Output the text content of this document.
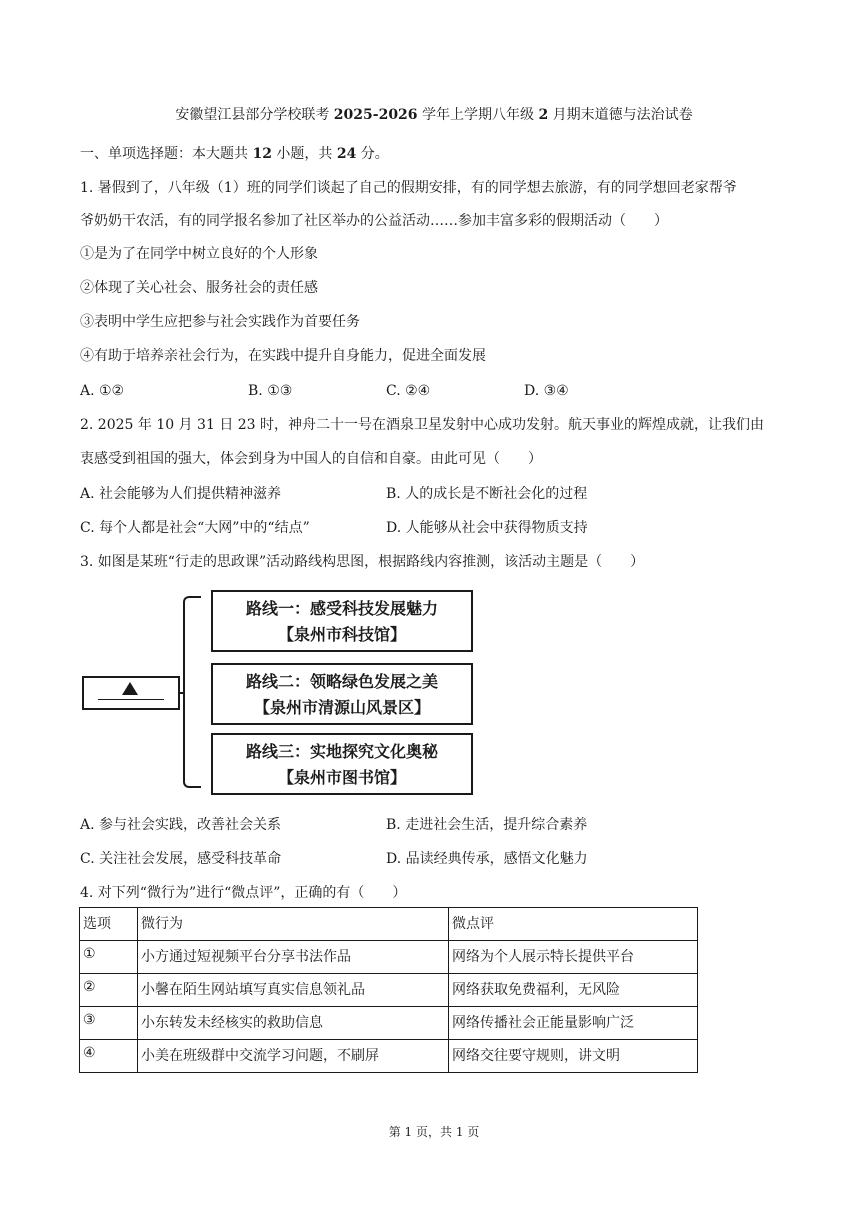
安徽望江县部分学校联考 2025-2026 学年上学期八年级 2 月期末道德与法治试卷
一、单项选择题：本大题共 12 小题，共 24 分。
1. 暑假到了，八年级（1）班的同学们谈起了自己的假期安排，有的同学想去旅游，有的同学想回老家帮爷
爷奶奶干农活，有的同学报名参加了社区举办的公益活动……参加丰富多彩的假期活动（　　）
①是为了在同学中树立良好的个人形象
②体现了关心社会、服务社会的责任感
③表明中学生应把参与社会实践作为首要任务
④有助于培养亲社会行为，在实践中提升自身能力，促进全面发展
A. ①②	B. ①③	C. ②④	D. ③④
2. 2025 年 10 月 31 日 23 时，神舟二十一号在酒泉卫星发射中心成功发射。航天事业的辉煌成就，让我们由
衷感受到祖国的强大，体会到身为中国人的自信和自豪。由此可见（　　）
A. 社会能够为人们提供精神滋养	B. 人的成长是不断社会化的过程
C. 每个人都是社会“大网”中的“结点”	D. 人能够从社会中获得物质支持
3. 如图是某班“行走的思政课”活动路线构思图，根据路线内容推测，该活动主题是（　　）
路线一：感受科技发展魅力
【泉州市科技馆】
路线二：领略绿色发展之美
【泉州市清源山风景区】
路线三：实地探究文化奥秘
【泉州市图书馆】
A. 参与社会实践，改善社会关系	B. 走进社会生活，提升综合素养
C. 关注社会发展，感受科技革命	D. 品读经典传承，感悟文化魅力
4. 对下列“微行为”进行“微点评”，正确的有（　　）
选项	微行为	微点评
①	小方通过短视频平台分享书法作品	网络为个人展示特长提供平台
②	小馨在陌生网站填写真实信息领礼品	网络获取免费福利，无风险
③	小东转发未经核实的救助信息	网络传播社会正能量影响广泛
④	小美在班级群中交流学习问题，不刷屏	网络交往要守规则，讲文明
第 1 页，共 1 页
